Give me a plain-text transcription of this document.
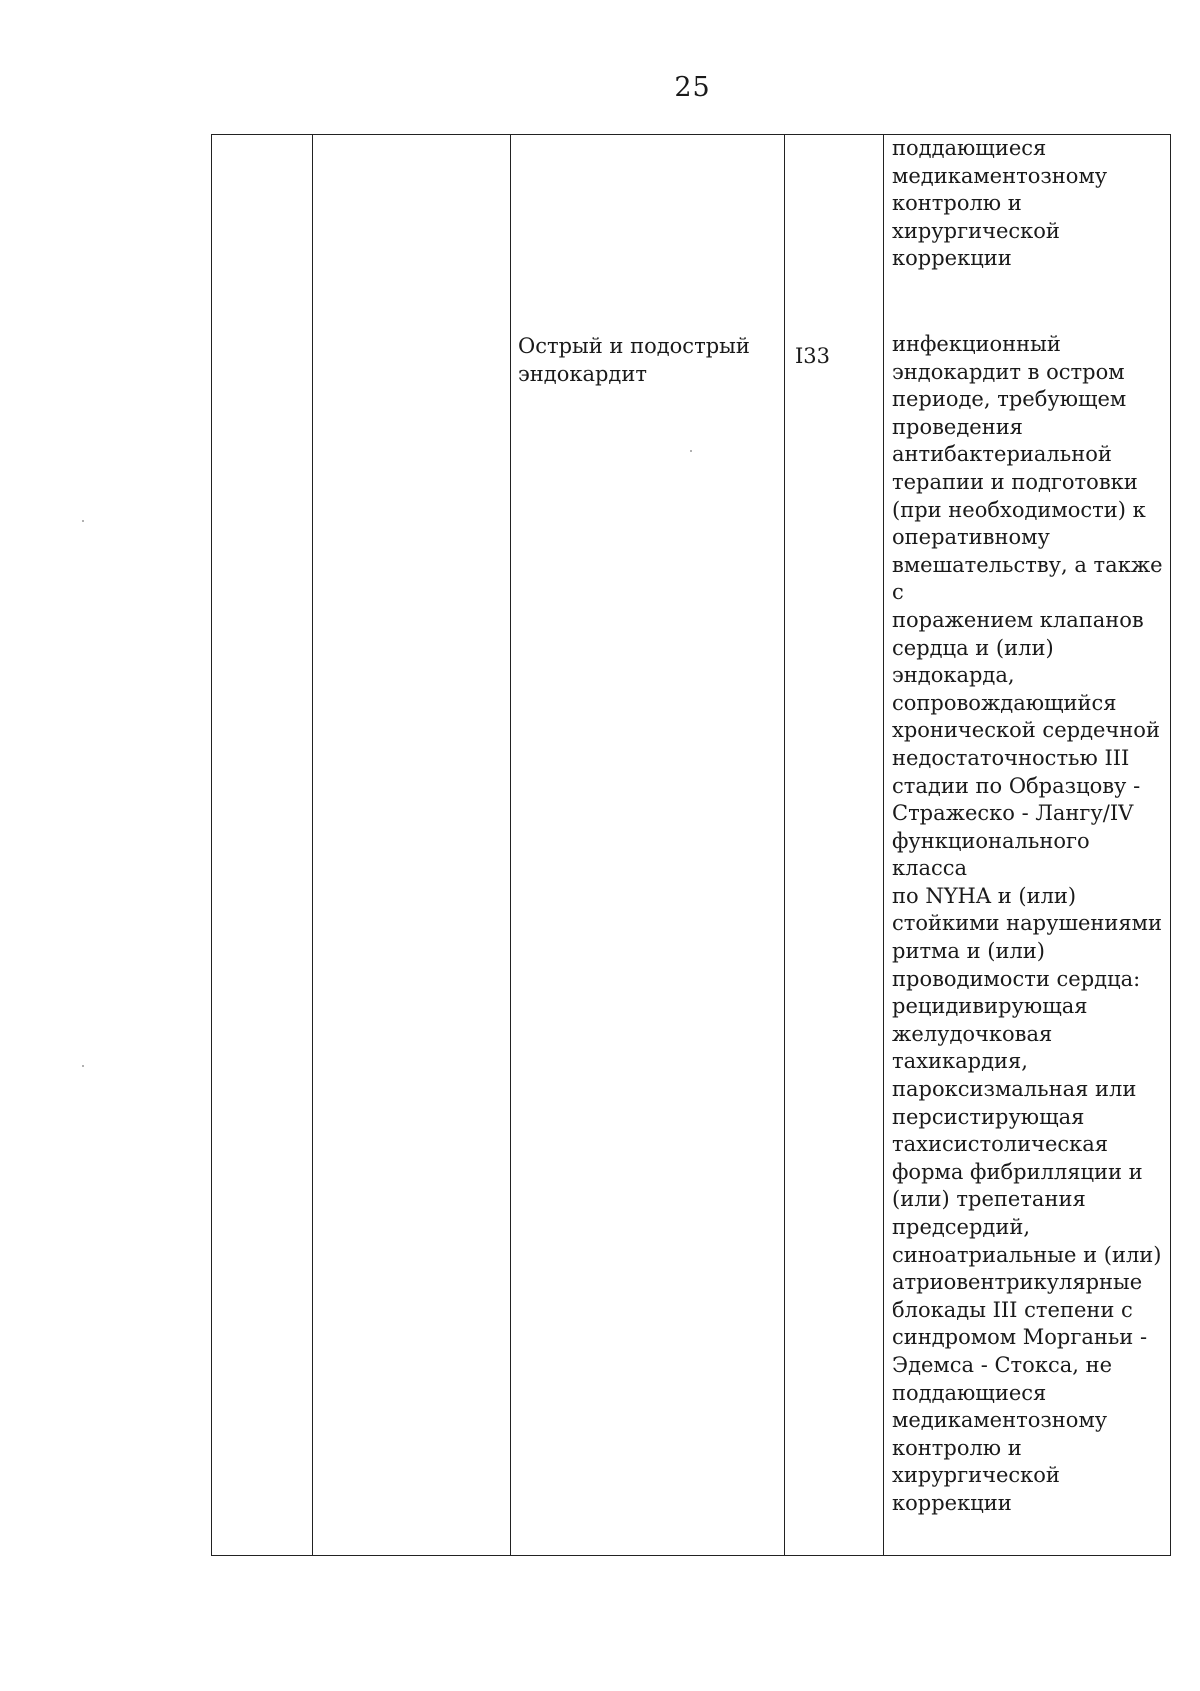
25
поддающиеся
медикаментозному
контролю и
хирургической
коррекции
Острый и подострый
эндокардит
I33	инфекционный
эндокардит в остром
периоде, требующем
проведения
антибактериальной
терапии и подготовки
(при необходимости) к
оперативному
вмешательству, а также с
поражением клапанов
сердца и (или)
эндокарда,
сопровождающийся
хронической сердечной
недостаточностью III
стадии по Образцову -
Стражеско - Лангу/IV
функционального класса
по NYHA и (или)
стойкими нарушениями
ритма и (или)
проводимости сердца:
рецидивирующая
желудочковая
тахикардия,
пароксизмальная или
персистирующая
тахисистолическая
форма фибрилляции и
(или) трепетания
предсердий,
синоатриальные и (или)
атриовентрикулярные
блокады III степени с
синдромом Морганьи -
Эдемса - Стокса, не
поддающиеся
медикаментозному
контролю и
хирургической
коррекции
